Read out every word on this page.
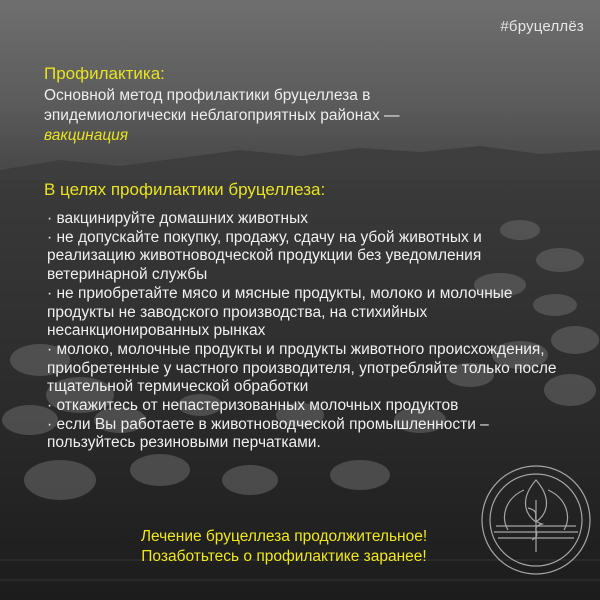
#бруцеллёз
Профилактика:
Основной метод профилактики бруцеллеза в эпидемиологически неблагоприятных районах — вакцинация
В целях профилактики бруцеллеза:
· вакцинируйте домашних животных
· не допускайте покупку, продажу, сдачу на убой животных и реализацию животноводческой продукции без уведомления ветеринарной службы
· не приобретайте мясо и мясные продукты, молоко и молочные продукты не заводского производства, на стихийных несанкционированных рынках
· молоко, молочные продукты и продукты животного происхождения, приобретенные у частного производителя, употребляйте только после тщательной термической обработки
· откажитесь от непастеризованных молочных продуктов
· если Вы работаете в животноводческой промышленности – пользуйтесь резиновыми перчатками.
Лечение бруцеллеза продолжительное!
Позаботьтесь о профилактике заранее!
